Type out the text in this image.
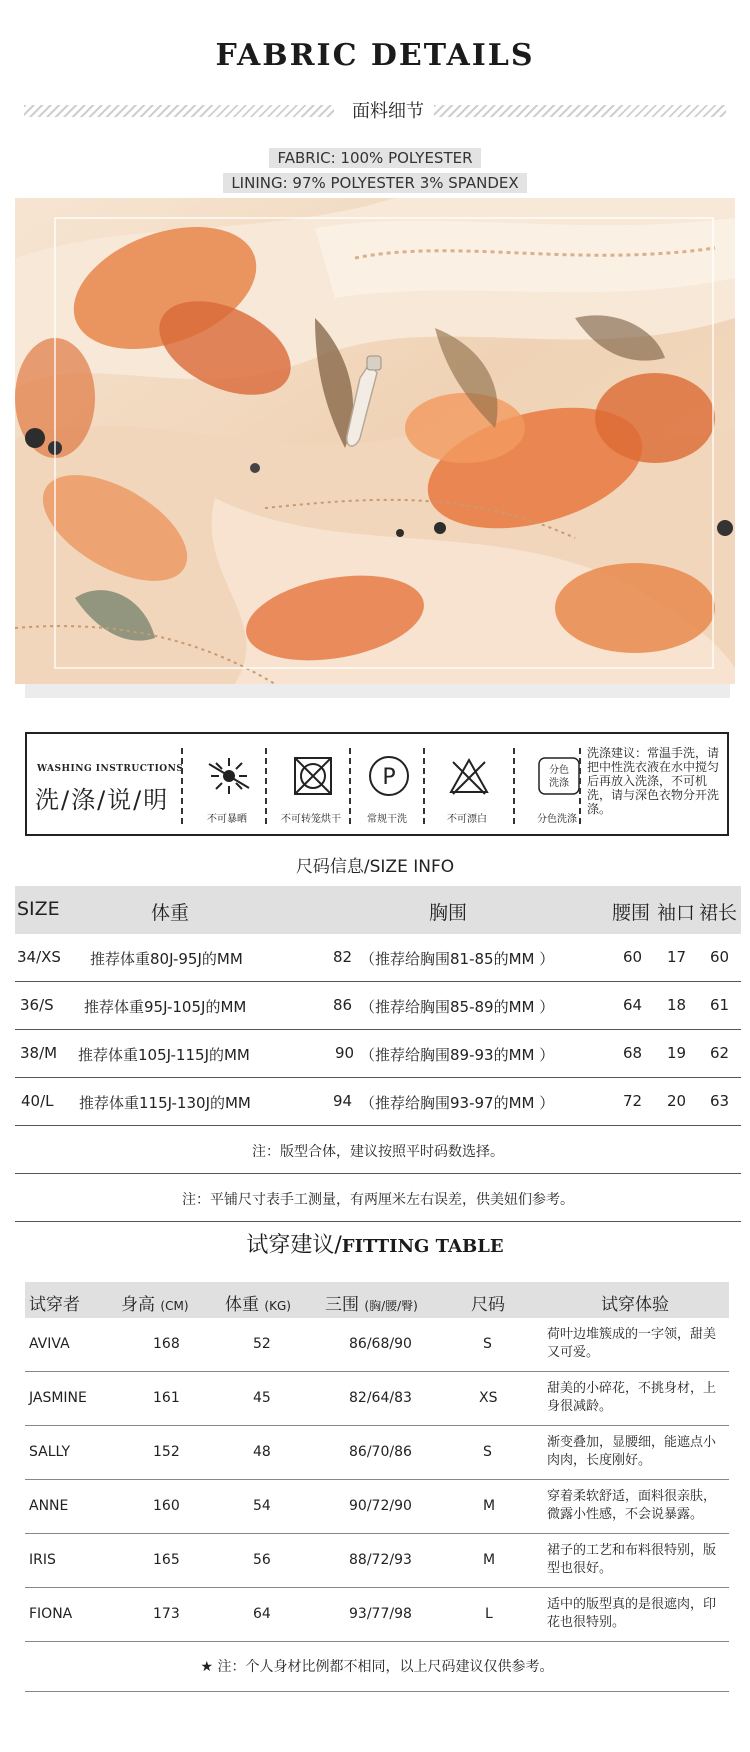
FABRIC DETAILS
面料细节
FABRIC: 100% POLYESTER
LINING: 97% POLYESTER 3% SPANDEX
WASHING INSTRUCTIONS
洗/涤/说/明
不可暴晒	不可转笼烘干
P
常规干洗	不可漂白
分色
洗涤
分色洗涤
洗涤建议：常温手洗，请把中性洗衣液在水中搅匀后再放入洗涤，不可机洗，请与深色衣物分开洗涤。
尺码信息/SIZE INFO
SIZE	体重	胸围	腰围 袖口 裙长
34/XS 推荐体重80J-95J的MM	82 （推荐给胸围81-85的MM ）	60 17 60
36/S 推荐体重95J-105J的MM	86 （推荐给胸围85-89的MM ）	64 18 61
38/M 推荐体重105J-115J的MM	90 （推荐给胸围89-93的MM ）	68 19 62
40/L 推荐体重115J-130J的MM	94 （推荐给胸围93-97的MM ）	72 20 63
注：版型合体，建议按照平时码数选择。
注：平铺尺寸表手工测量，有两厘米左右误差，供美妞们参考。
试穿建议/FITTING TABLE
试穿者 身高 (CM) 体重 (KG) 三围 (胸/腰/臀)	尺码	试穿体验
AVIVA	168	52	86/68/90	S
荷叶边堆簇成的一字领，甜美又可爱。
JASMINE	161	45	82/64/83	XS
甜美的小碎花，不挑身材，上身很减龄。
SALLY	152	48	86/70/86	S
渐变叠加，显腰细，能遮点小肉肉，长度刚好。
ANNE	160	54	90/72/90	M
穿着柔软舒适，面料很亲肤，微露小性感，不会说暴露。
IRIS	165	56	88/72/93	M
裙子的工艺和布料很特别，版型也很好。
FIONA	173	64	93/77/98	L
适中的版型真的是很遮肉，印花也很特别。
★ 注：个人身材比例都不相同，以上尺码建议仅供参考。
